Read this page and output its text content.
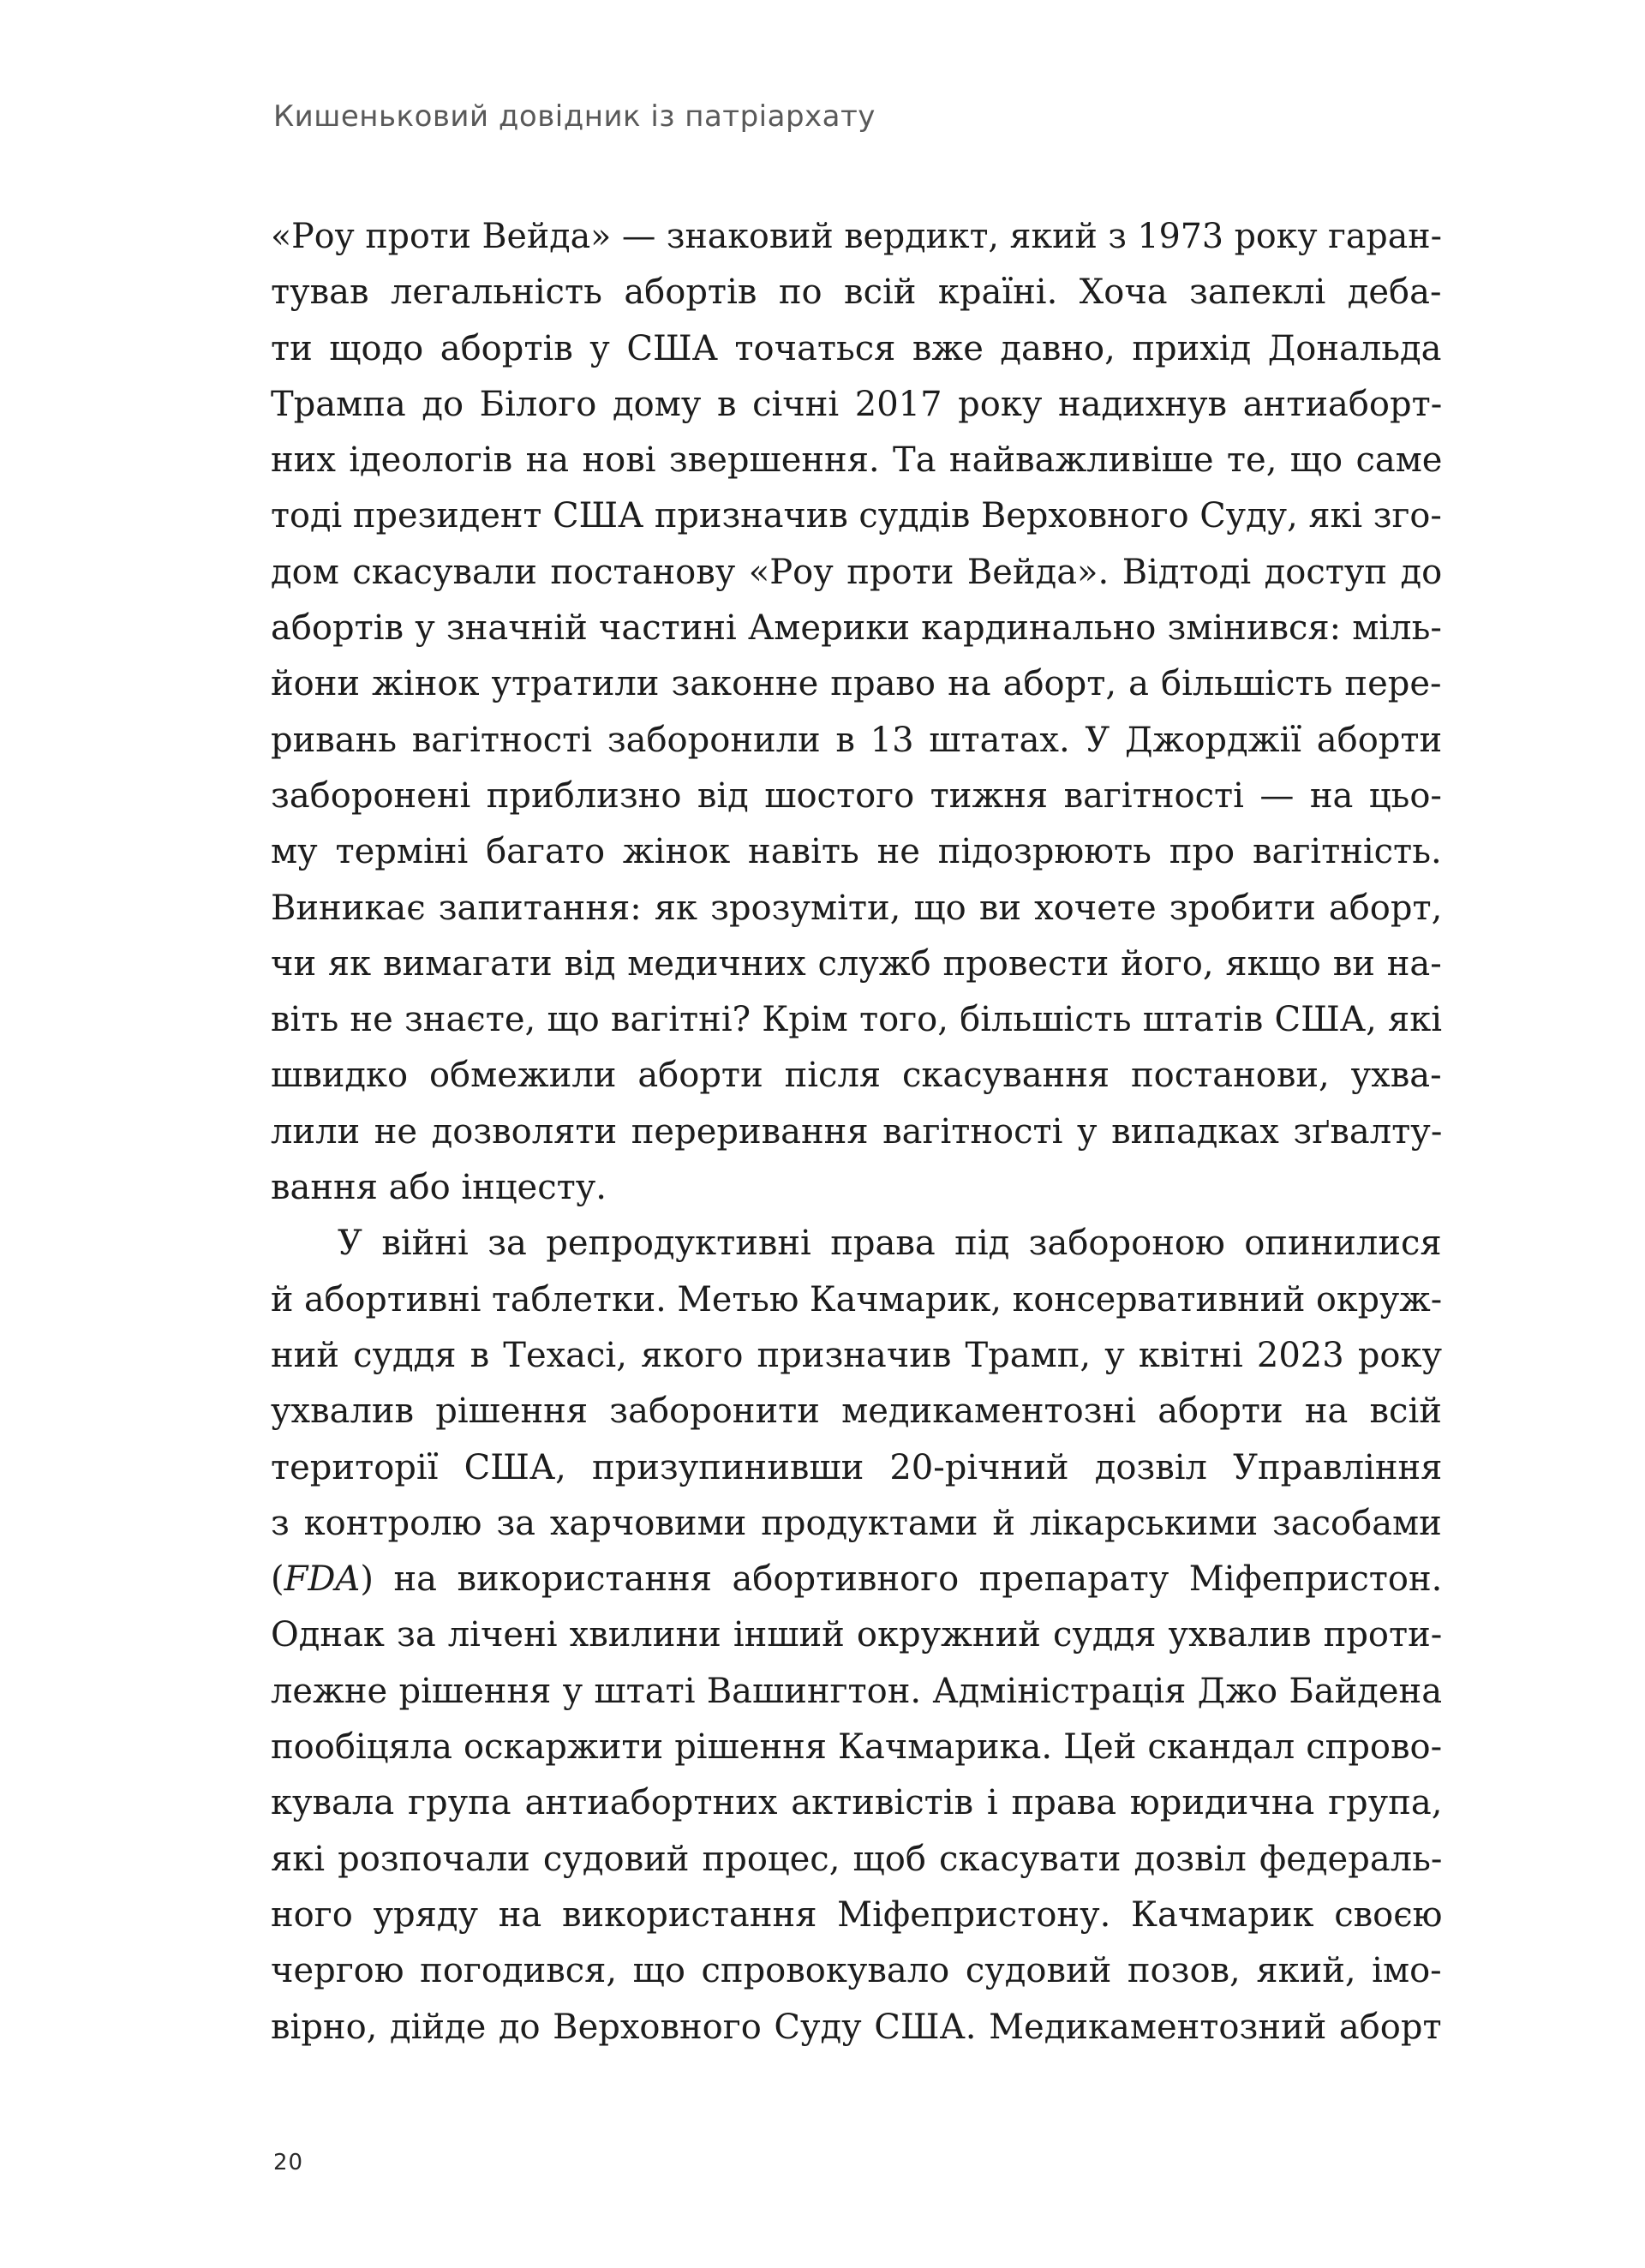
Кишеньковий довідник із патріархату
«Роу проти Вейда» — знаковий вердикт, який з 1973 року гаран-
тував легальність абортів по всій країні. Хоча запеклі деба-
ти щодо абортів у США точаться вже давно, прихід Дональда
Трампа до Білого дому в січні 2017 року надихнув антиаборт-
них ідеологів на нові звершення. Та найважливіше те, що саме
тоді президент США призначив суддів Верховного Суду, які зго-
дом скасували постанову «Роу проти Вейда». Відтоді доступ до
абортів у значній частині Америки кардинально змінився: міль-
йони жінок утратили законне право на аборт, а більшість пере-
ривань вагітності заборонили в 13 штатах. У Джорджії аборти
заборонені приблизно від шостого тижня вагітності — на цьо-
му терміні багато жінок навіть не підозрюють про вагітність.
Виникає запитання: як зрозуміти, що ви хочете зробити аборт,
чи як вимагати від медичних служб провести його, якщо ви на-
віть не знаєте, що вагітні? Крім того, більшість штатів США, які
швидко обмежили аборти після скасування постанови, ухва-
лили не дозволяти переривання вагітності у випадках зґвалту-
вання або інцесту.
У війні за репродуктивні права під забороною опинилися
й абортивні таблетки. Метью Качмарик, консервативний окруж-
ний суддя в Техасі, якого призначив Трамп, у квітні 2023 року
ухвалив рішення заборонити медикаментозні аборти на всій
території США, призупинивши 20-річний дозвіл Управління
з контролю за харчовими продуктами й лікарськими засобами
(FDA) на використання абортивного препарату Міфепристон.
Однак за лічені хвилини інший окружний суддя ухвалив проти-
лежне рішення у штаті Вашингтон. Адміністрація Джо Байдена
пообіцяла оскаржити рішення Качмарика. Цей скандал спрово-
кувала група антиабортних активістів і права юридична група,
які розпочали судовий процес, щоб скасувати дозвіл федераль-
ного уряду на використання Міфепристону. Качмарик своєю
чергою погодився, що спровокувало судовий позов, який, імо-
вірно, дійде до Верховного Суду США. Медикаментозний аборт
20
